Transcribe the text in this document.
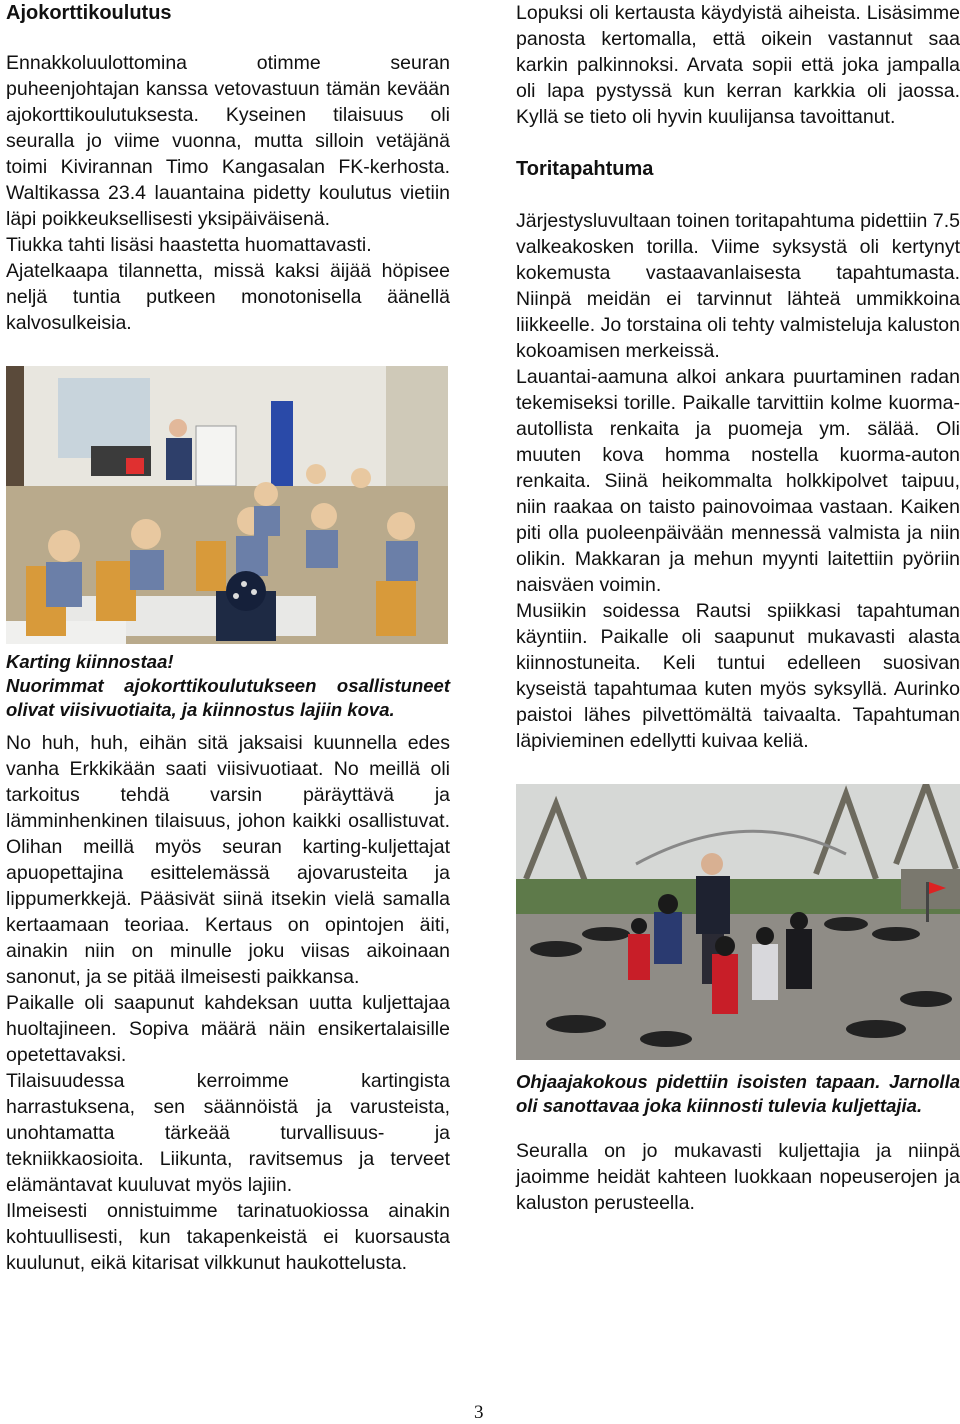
Ajokorttikoulutus

Ennakkoluulottomina otimme seuran puheenjohtajan kanssa vetovastuun tämän kevään ajokorttikoulutuksesta. Kyseinen tilaisuus oli seuralla jo viime vuonna, mutta silloin vetäjänä toimi Kivirannan Timo Kangasalan FK-kerhosta. Waltikassa 23.4 lauantaina pidetty koulutus vietiin läpi poikkeuksellisesti yksipäiväisenä.

Tiukka tahti lisäsi haastetta huomattavasti.

Ajatelkaapa tilannetta, missä kaksi äijää höpisee neljä tuntia putkeen monotonisella äänellä kalvosulkeisia.

Karting kiinnostaa!

Nuorimmat ajokorttikoulutukseen osallistuneet olivat viisivuotiaita, ja kiinnostus lajiin kova.

No huh, huh, eihän sitä jaksaisi kuunnella edes vanha Erkkikään saati viisivuotiaat. No meillä oli tarkoitus tehdä varsin päräyttävä ja lämminhenkinen tilaisuus, johon kaikki osallistuvat. Olihan meillä myös seuran karting-kuljettajat apuopettajina esittelemässä ajovarusteita ja lippumerkkejä. Pääsivät siinä itsekin vielä samalla kertaamaan teoriaa. Kertaus on opintojen äiti, ainakin niin on minulle joku viisas aikoinaan sanonut, ja se pitää ilmeisesti paikkansa.

Paikalle oli saapunut kahdeksan uutta kuljettajaa huoltajineen. Sopiva määrä näin ensikertalaisille opetettavaksi.

Tilaisuudessa kerroimme kartingista harrastuksena, sen säännöistä ja varusteista, unohtamatta tärkeää turvallisuus- ja tekniikkaosioita. Liikunta, ravitsemus ja terveet elämäntavat kuuluvat myös lajiin.

Ilmeisesti onnistuimme tarinatuokiossa ainakin kohtuullisesti, kun takapenkeistä ei kuorsausta kuulunut, eikä kitarisat vilkkunut haukottelusta.

Lopuksi oli kertausta käydyistä aiheista. Lisäsimme panosta kertomalla, että oikein vastannut saa karkin palkinnoksi. Arvata sopii että joka jampalla oli lapa pystyssä kun kerran karkkia oli jaossa. Kyllä se tieto oli hyvin kuulijansa tavoittanut.

Toritapahtuma

Järjestysluvultaan toinen toritapahtuma pidettiin 7.5 valkeakosken torilla. Viime syksystä oli kertynyt kokemusta vastaavanlaisesta tapahtumasta. Niinpä meidän ei tarvinnut lähteä ummikkoina liikkeelle. Jo torstaina oli tehty valmisteluja kaluston kokoamisen merkeissä.

Lauantai-aamuna alkoi ankara puurtaminen radan tekemiseksi torille. Paikalle tarvittiin kolme kuorma-autollista renkaita ja puomeja ym. sälää. Oli muuten kova homma nostella kuorma-auton renkaita. Siinä heikommalta holkkipolvet taipuu, niin raakaa on taisto painovoimaa vastaan. Kaiken piti olla puoleenpäivään mennessä valmista ja niin olikin. Makkaran ja mehun myynti laitettiin pyöriin naisväen voimin.

Musiikin soidessa Rautsi spiikkasi tapahtuman käyntiin. Paikalle oli saapunut mukavasti alasta kiinnostuneita. Keli tuntui edelleen suosivan kyseistä tapahtumaa kuten myös syksyllä. Aurinko paistoi lähes pilvettömältä taivaalta. Tapahtuman läpivieminen edellytti kuivaa keliä.

Ohjaajakokous pidettiin isoisten tapaan. Jarnolla oli sanottavaa joka kiinnosti tulevia kuljettajia.

Seuralla on jo mukavasti kuljettajia ja niinpä jaoimme heidät kahteen luokkaan nopeuserojen ja kaluston perusteella.

3
